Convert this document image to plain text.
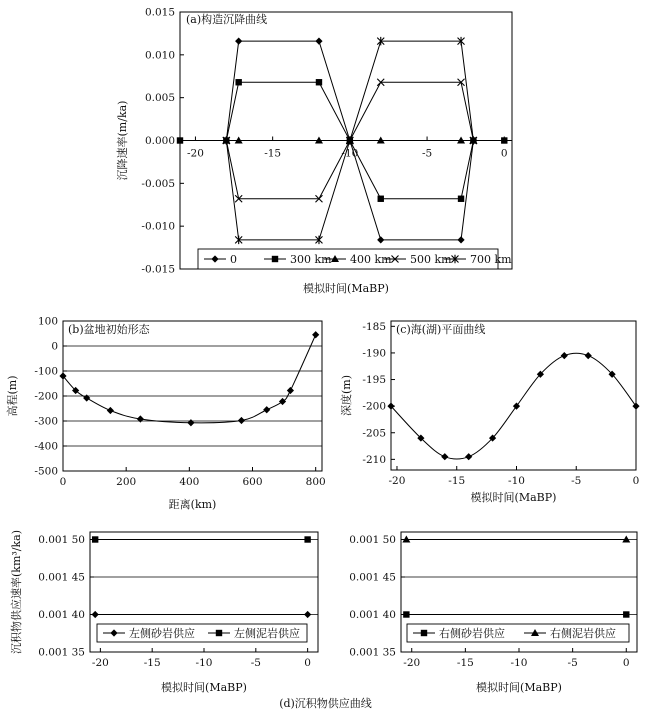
-0.015
-0.010
-0.005
0.000
0.005
0.010
0.015
-20	-15	-10	-5	0
0	300 km 400 km 500 km 700 km
(a)构造沉降曲线
模拟时间(MaBP)
沉降速率(m/ka)
-500
-400
-300
-200
-100
0
100
0	200	400	600	800
(b)盆地初始形态
距离(km)
高程(m)
-210
-205
-200
-195
-190
-185
-20	-15	-10	-5	0
(c)海(湖)平面曲线
模拟时间(MaBP)
深度(m)
0.001 35
0.001 40
0.001 45
0.001 50
-20	-15	-10	-5	0
左侧砂岩供应	左侧泥岩供应
模拟时间(MaBP)
沉积物供应速率(km³/ka)	0.001 35
0.001 40
0.001 45
0.001 50
-20	-15	-10	-5	0
右侧砂岩供应	右侧泥岩供应
模拟时间(MaBP)
(d)沉积物供应曲线
